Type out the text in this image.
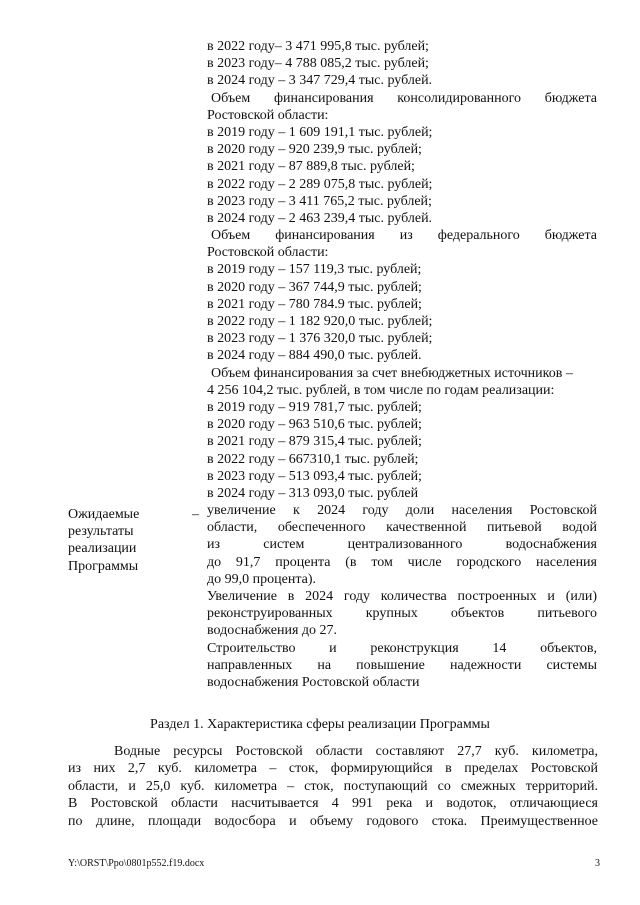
в 2022 году– 3 471 995,8 тыс. рублей;
в 2023 году– 4 788 085,2 тыс. рублей;
в 2024 году – 3 347 729,4 тыс. рублей.
Объем финансирования консолидированного бюджета
Ростовской области:
в 2019 году – 1 609 191,1 тыс. рублей;
в 2020 году – 920 239,9 тыс. рублей;
в 2021 году – 87 889,8 тыс. рублей;
в 2022 году – 2 289 075,8 тыс. рублей;
в 2023 году – 3 411 765,2 тыс. рублей;
в 2024 году – 2 463 239,4 тыс. рублей.
Объем финансирования из федерального бюджета
Ростовской области:
в 2019 году – 157 119,3 тыс. рублей;
в 2020 году – 367 744,9 тыс. рублей;
в 2021 году – 780 784.9 тыс. рублей;
в 2022 году – 1 182 920,0 тыс. рублей;
в 2023 году – 1 376 320,0 тыс. рублей;
в 2024 году – 884 490,0 тыс. рублей.
Объем финансирования за счет внебюджетных источников –
4 256 104,2 тыс. рублей, в том числе по годам реализации:
в 2019 году – 919 781,7 тыс. рублей;
в 2020 году – 963 510,6 тыс. рублей;
в 2021 году – 879 315,4 тыс. рублей;
в 2022 году – 667310,1 тыс. рублей;
в 2023 году – 513 093,4 тыс. рублей;
в 2024 году – 313 093,0 тыс. рублей
увеличение к 2024 году доли населения Ростовской
области, обеспеченного качественной питьевой водой
из систем централизованного водоснабжения
до 91,7 процента (в том числе городского населения
до 99,0 процента).
Увеличение в 2024 году количества построенных и (или)
реконструированных крупных объектов питьевого
водоснабжения до 27.
Строительство и реконструкция 14 объектов,
направленных на повышение надежности системы
водоснабжения Ростовской области
Ожидаемые
результаты
реализации
Программы
–
Раздел 1. Характеристика сферы реализации Программы
Водные ресурсы Ростовской области составляют 27,7 куб. километра,
из них 2,7 куб. километра – сток, формирующийся в пределах Ростовской
области, и 25,0 куб. километра – сток, поступающий со смежных территорий.
В Ростовской области насчитывается 4 991 река и водоток, отличающиеся
по длине, площади водосбора и объему годового стока. Преимущественное
Y:\ORST\Ppo\0801p552.f19.docx	3
